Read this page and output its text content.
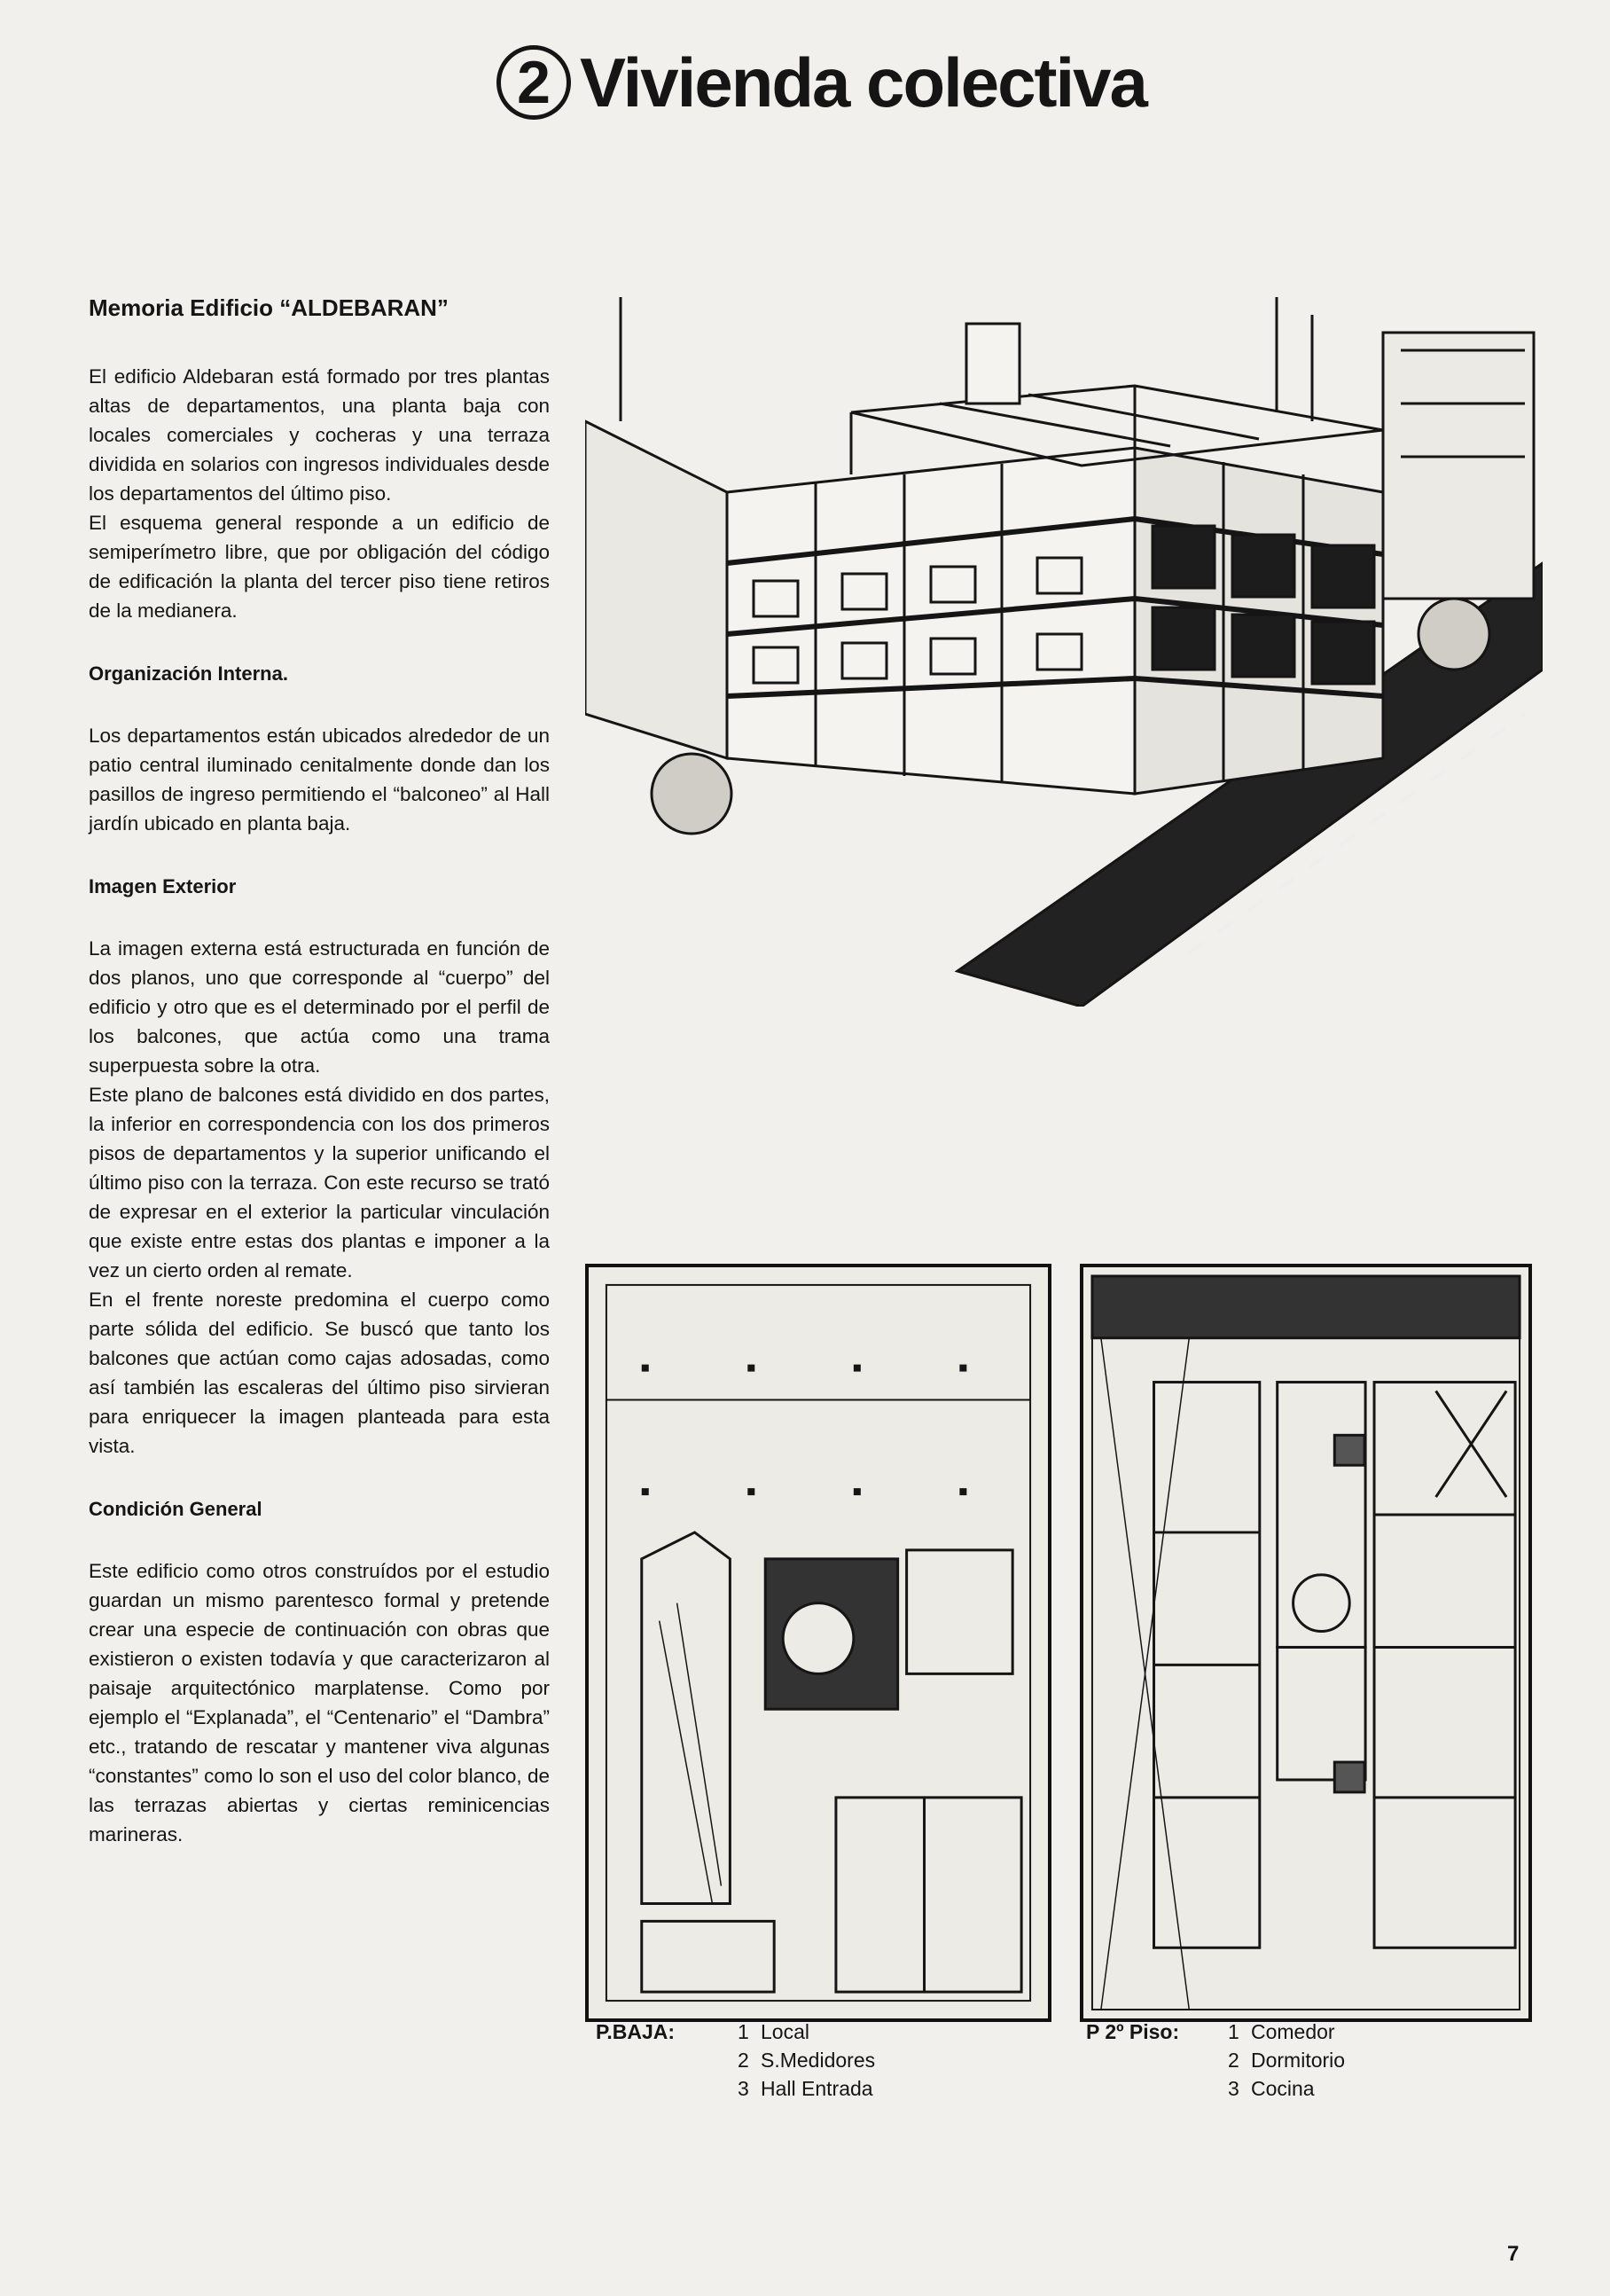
2 Vivienda colectiva
Memoria Edificio “ALDEBARAN”

El edificio Aldebaran está formado por tres plantas altas de departamentos, una planta baja con locales comerciales y cocheras y una terraza dividida en solarios con ingresos individuales desde los departamentos del último piso.

El esquema general responde a un edificio de semiperímetro libre, que por obligación del código de edificación la planta del tercer piso tiene retiros de la medianera.

Organización Interna.

Los departamentos están ubicados alrededor de un patio central iluminado cenitalmente donde dan los pasillos de ingreso permitiendo el “balconeo” al Hall jardín ubicado en planta baja.

Imagen Exterior

La imagen externa está estructurada en función de dos planos, uno que corresponde al “cuerpo” del edificio y otro que es el determinado por el perfil de los balcones, que actúa como una trama superpuesta sobre la otra.

Este plano de balcones está dividido en dos partes, la inferior en correspondencia con los dos primeros pisos de departamentos y la superior unificando el último piso con la terraza. Con este recurso se trató de expresar en el exterior la particular vinculación que existe entre estas dos plantas e imponer a la vez un cierto orden al remate.

En el frente noreste predomina el cuerpo como parte sólida del edificio. Se buscó que tanto los balcones que actúan como cajas adosadas, como así también las escaleras del último piso sirvieran para enriquecer la imagen planteada para esta vista.

Condición General

Este edificio como otros construídos por el estudio guardan un mismo parentesco formal y pretende crear una especie de continuación con obras que existieron o existen todavía y que caracterizaron al paisaje arquitectónico marplatense. Como por ejemplo el “Explanada”, el “Centenario” el “Dambra” etc., tratando de rescatar y mantener viva algunas “constantes” como lo son el uso del color blanco, de las terrazas abiertas y ciertas reminicencias marineras.

P.BAJA:	1 Local
2 S.Medidores
3 Hall Entrada
P 2º Piso: 1 Comedor
2 Dormitorio
3 Cocina
7
